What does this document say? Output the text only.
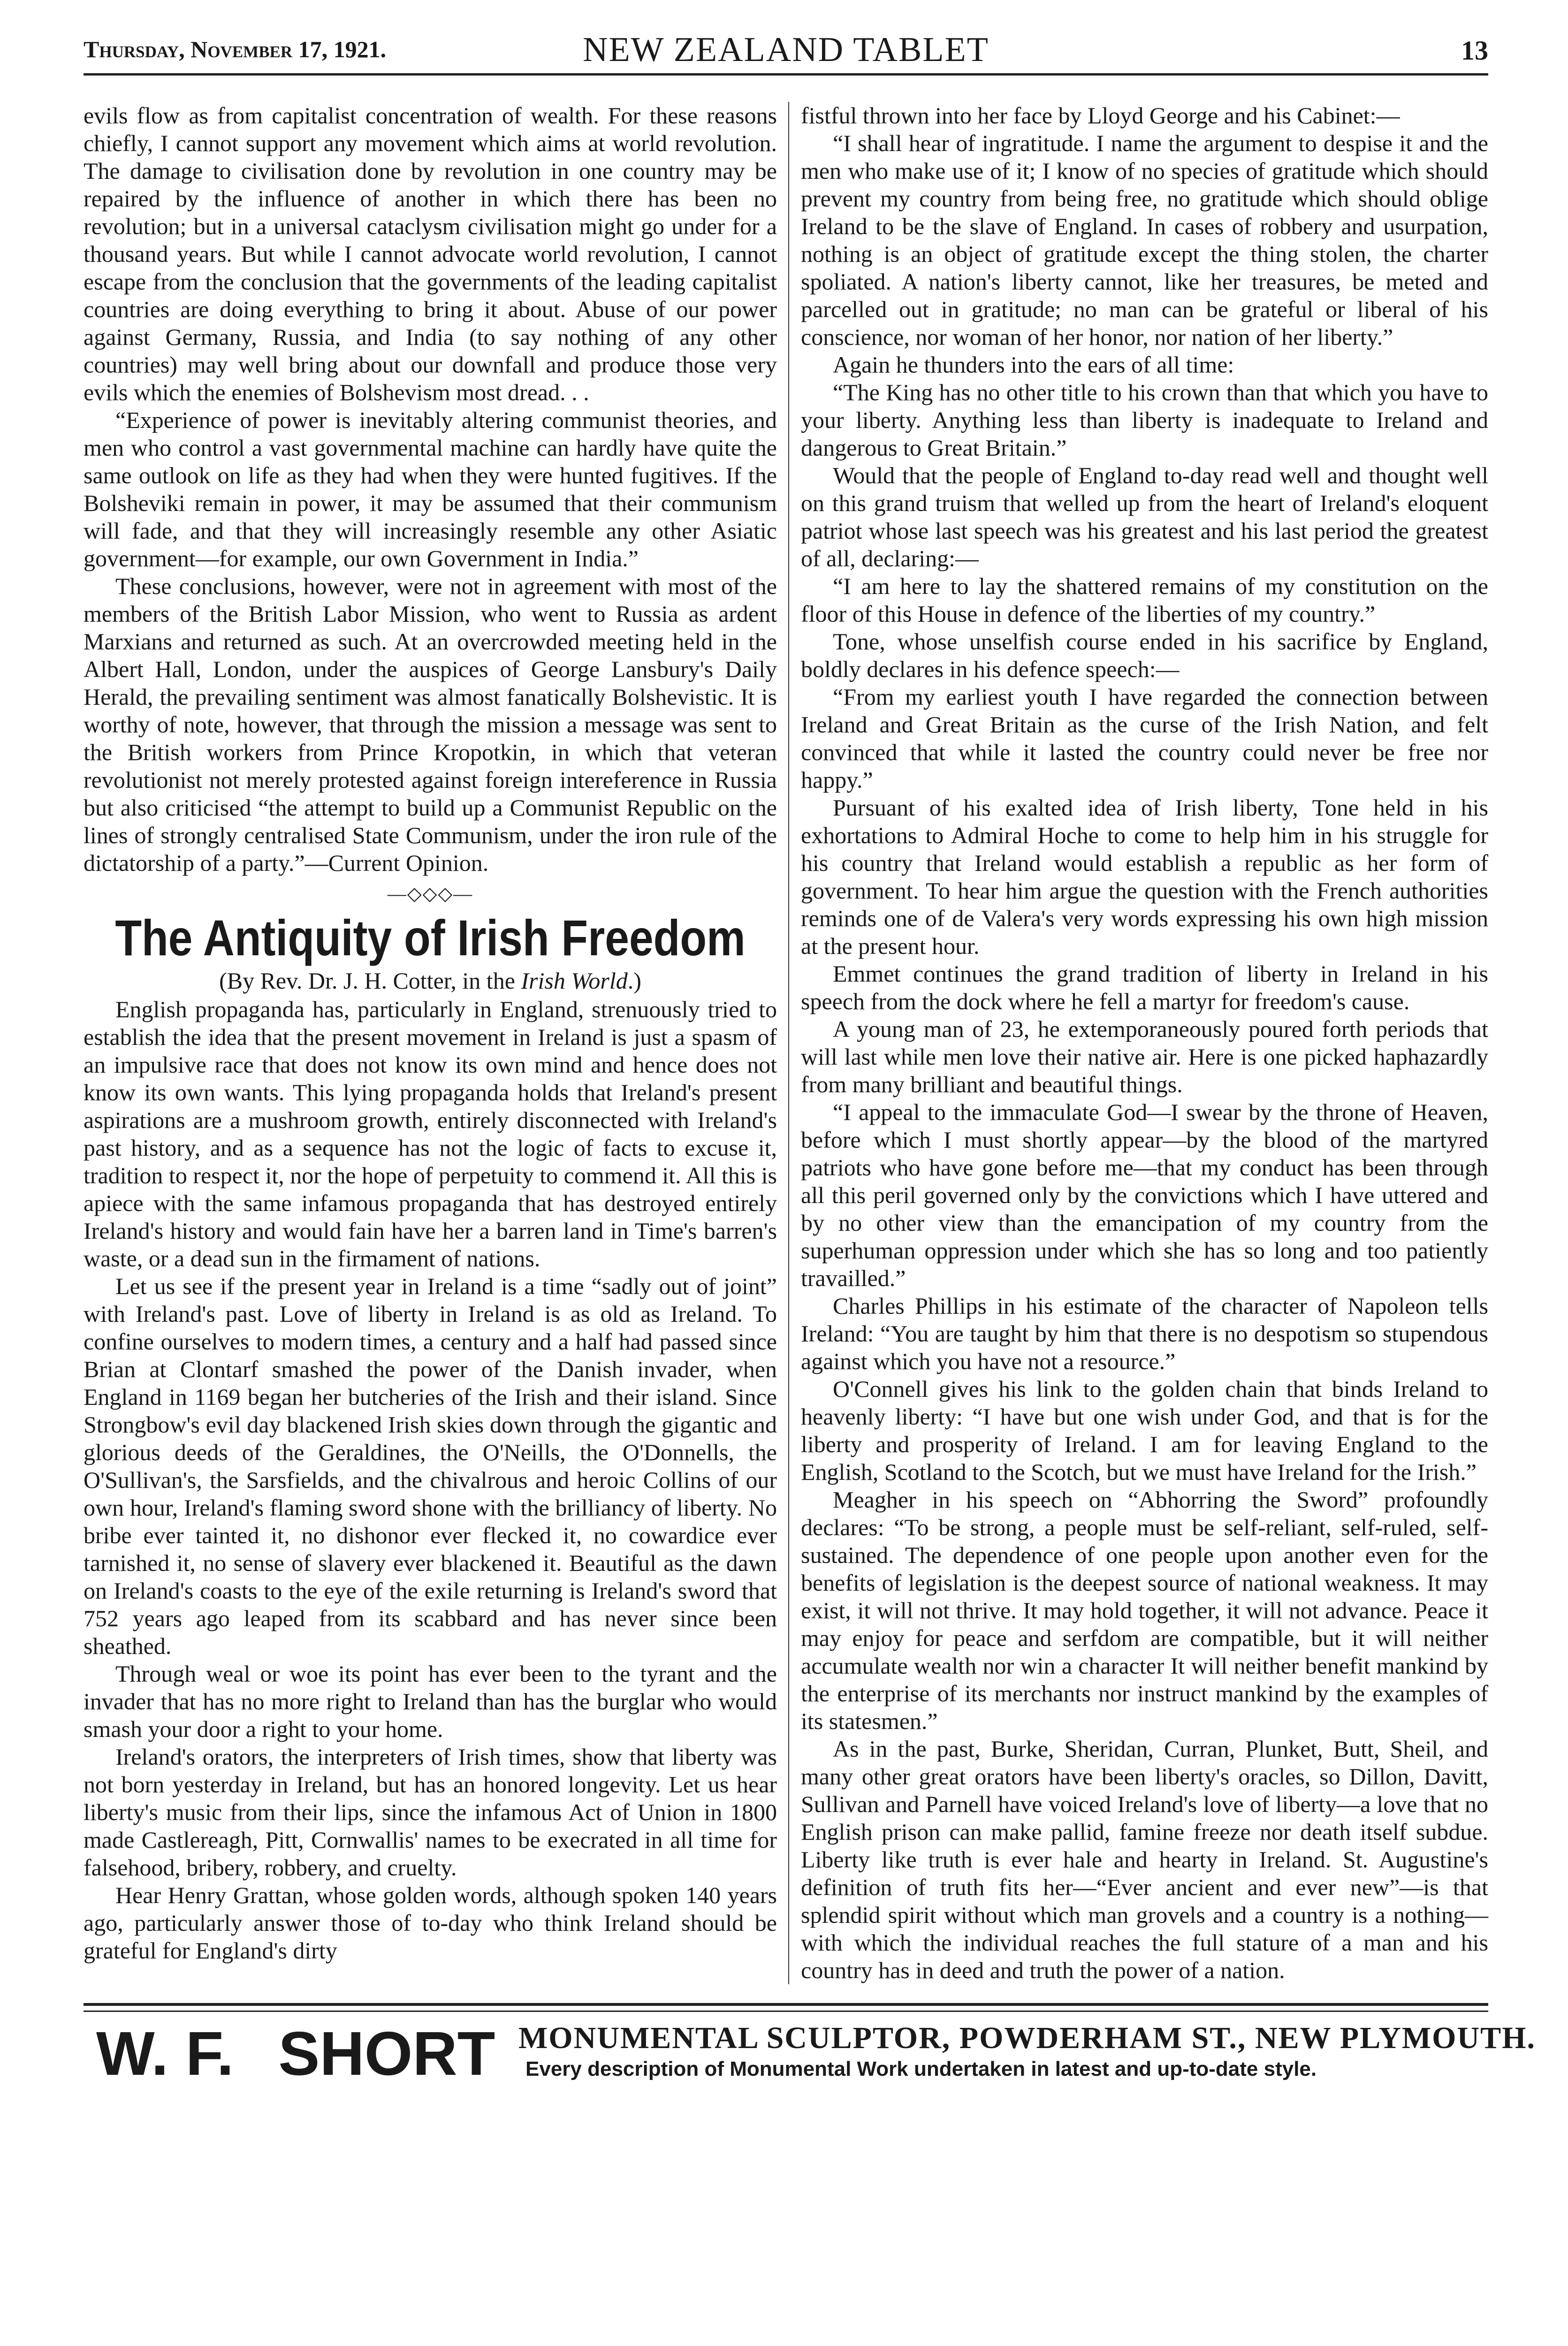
Thursday, November 17, 1921.	NEW ZEALAND TABLET	13

evils flow as from capitalist concentration of wealth. For these reasons chiefly, I cannot support any movement which aims at world revolution. The damage to civilisation done by revolution in one country may be repaired by the influence of another in which there has been no revolution; but in a universal cataclysm civilisation might go under for a thousand years. But while I cannot advocate world revolution, I cannot escape from the conclusion that the governments of the leading capitalist countries are doing everything to bring it about. Abuse of our power against Germany, Russia, and India (to say nothing of any other countries) may well bring about our downfall and produce those very evils which the enemies of Bolshevism most dread. . .

“Experience of power is inevitably altering communist theories, and men who control a vast governmental machine can hardly have quite the same outlook on life as they had when they were hunted fugitives. If the Bolsheviki remain in power, it may be assumed that their communism will fade, and that they will increasingly resemble any other Asiatic government—for example, our own Government in India.”

These conclusions, however, were not in agreement with most of the members of the British Labor Mission, who went to Russia as ardent Marxians and returned as such. At an overcrowded meeting held in the Albert Hall, London, under the auspices of George Lansbury's Daily Herald, the prevailing sentiment was almost fanatically Bolshevistic. It is worthy of note, however, that through the mission a message was sent to the British workers from Prince Kropotkin, in which that veteran revolutionist not merely protested against foreign intereference in Russia but also criticised “the attempt to build up a Communist Republic on the lines of strongly centralised State Communism, under the iron rule of the dictatorship of a party.”—Current Opinion.

—◇◇◇—
The Antiquity of Irish Freedom
(By Rev. Dr. J. H. Cotter, in the Irish World.)

English propaganda has, particularly in England, strenuously tried to establish the idea that the present movement in Ireland is just a spasm of an impulsive race that does not know its own mind and hence does not know its own wants. This lying propaganda holds that Ireland's present aspirations are a mushroom growth, entirely disconnected with Ireland's past history, and as a sequence has not the logic of facts to excuse it, tradition to respect it, nor the hope of perpetuity to commend it. All this is apiece with the same infamous propaganda that has destroyed entirely Ireland's history and would fain have her a barren land in Time's barren's waste, or a dead sun in the firmament of nations.

Let us see if the present year in Ireland is a time “sadly out of joint” with Ireland's past. Love of liberty in Ireland is as old as Ireland. To confine ourselves to modern times, a century and a half had passed since Brian at Clontarf smashed the power of the Danish invader, when England in 1169 began her butcheries of the Irish and their island. Since Strongbow's evil day blackened Irish skies down through the gigantic and glorious deeds of the Geraldines, the O'Neills, the O'Donnells, the O'Sullivan's, the Sarsfields, and the chivalrous and heroic Collins of our own hour, Ireland's flaming sword shone with the brilliancy of liberty. No bribe ever tainted it, no dishonor ever flecked it, no cowardice ever tarnished it, no sense of slavery ever blackened it. Beautiful as the dawn on Ireland's coasts to the eye of the exile returning is Ireland's sword that 752 years ago leaped from its scabbard and has never since been sheathed.

Through weal or woe its point has ever been to the tyrant and the invader that has no more right to Ireland than has the burglar who would smash your door a right to your home.

Ireland's orators, the interpreters of Irish times, show that liberty was not born yesterday in Ireland, but has an honored longevity. Let us hear liberty's music from their lips, since the infamous Act of Union in 1800 made Castlereagh, Pitt, Cornwallis' names to be execrated in all time for falsehood, bribery, robbery, and cruelty.

Hear Henry Grattan, whose golden words, although spoken 140 years ago, particularly answer those of to-day who think Ireland should be grateful for England's dirty

fistful thrown into her face by Lloyd George and his Cabinet:—

“I shall hear of ingratitude. I name the argument to despise it and the men who make use of it; I know of no species of gratitude which should prevent my country from being free, no gratitude which should oblige Ireland to be the slave of England. In cases of robbery and usurpation, nothing is an object of gratitude except the thing stolen, the charter spoliated. A nation's liberty cannot, like her treasures, be meted and parcelled out in gratitude; no man can be grateful or liberal of his conscience, nor woman of her honor, nor nation of her liberty.”

Again he thunders into the ears of all time:

“The King has no other title to his crown than that which you have to your liberty. Anything less than liberty is inadequate to Ireland and dangerous to Great Britain.”

Would that the people of England to-day read well and thought well on this grand truism that welled up from the heart of Ireland's eloquent patriot whose last speech was his greatest and his last period the greatest of all, declaring:—

“I am here to lay the shattered remains of my constitution on the floor of this House in defence of the liberties of my country.”

Tone, whose unselfish course ended in his sacrifice by England, boldly declares in his defence speech:—

“From my earliest youth I have regarded the connection between Ireland and Great Britain as the curse of the Irish Nation, and felt convinced that while it lasted the country could never be free nor happy.”

Pursuant of his exalted idea of Irish liberty, Tone held in his exhortations to Admiral Hoche to come to help him in his struggle for his country that Ireland would establish a republic as her form of government. To hear him argue the question with the French authorities reminds one of de Valera's very words expressing his own high mission at the present hour.

Emmet continues the grand tradition of liberty in Ireland in his speech from the dock where he fell a martyr for freedom's cause.

A young man of 23, he extemporaneously poured forth periods that will last while men love their native air. Here is one picked haphazardly from many brilliant and beautiful things.

“I appeal to the immaculate God—I swear by the throne of Heaven, before which I must shortly appear—by the blood of the martyred patriots who have gone before me—that my conduct has been through all this peril governed only by the convictions which I have uttered and by no other view than the emancipation of my country from the superhuman oppression under which she has so long and too patiently travailled.”

Charles Phillips in his estimate of the character of Napoleon tells Ireland: “You are taught by him that there is no despotism so stupendous against which you have not a resource.”

O'Connell gives his link to the golden chain that binds Ireland to heavenly liberty: “I have but one wish under God, and that is for the liberty and prosperity of Ireland. I am for leaving England to the English, Scotland to the Scotch, but we must have Ireland for the Irish.”

Meagher in his speech on “Abhorring the Sword” profoundly declares: “To be strong, a people must be self-reliant, self-ruled, self-sustained. The dependence of one people upon another even for the benefits of legislation is the deepest source of national weakness. It may exist, it will not thrive. It may hold together, it will not advance. Peace it may enjoy for peace and serfdom are compatible, but it will neither accumulate wealth nor win a character It will neither benefit mankind by the enterprise of its merchants nor instruct mankind by the examples of its statesmen.”

As in the past, Burke, Sheridan, Curran, Plunket, Butt, Sheil, and many other great orators have been liberty's oracles, so Dillon, Davitt, Sullivan and Parnell have voiced Ireland's love of liberty—a love that no English prison can make pallid, famine freeze nor death itself subdue. Liberty like truth is ever hale and hearty in Ireland. St. Augustine's definition of truth fits her—“Ever ancient and ever new”—is that splendid spirit without which man grovels and a country is a nothing—with which the individual reaches the full stature of a man and his country has in deed and truth the power of a nation.

W. F. SHORT MONUMENTAL SCULPTOR, POWDERHAM ST., NEW PLYMOUTH.
Every description of Monumental Work undertaken in latest and up-to-date style.
